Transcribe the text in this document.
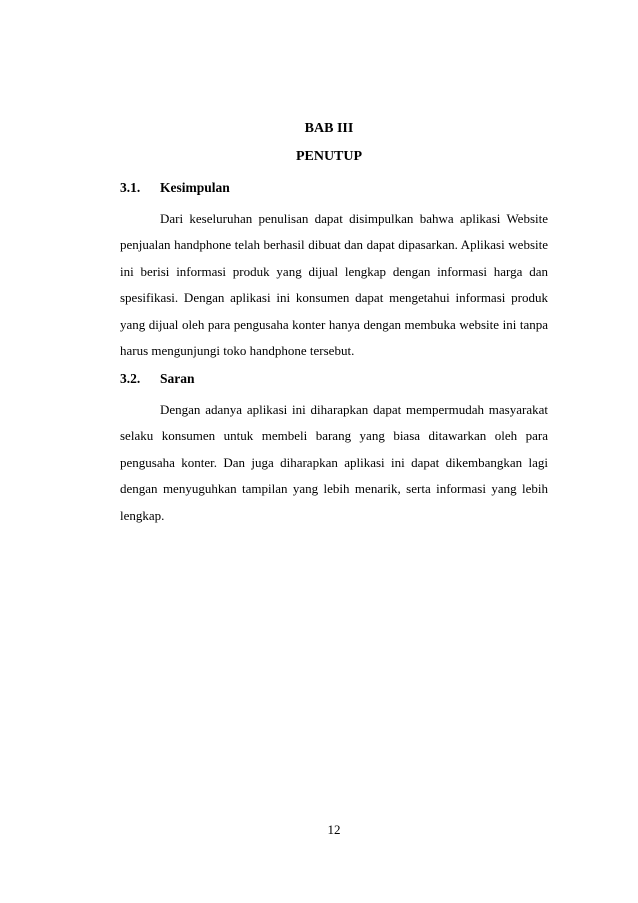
BAB III
PENUTUP
3.1. Kesimpulan
Dari keseluruhan penulisan dapat disimpulkan bahwa aplikasi Website penjualan handphone telah berhasil dibuat dan dapat dipasarkan. Aplikasi website ini berisi informasi produk yang dijual lengkap dengan informasi harga dan spesifikasi. Dengan aplikasi ini konsumen dapat mengetahui informasi produk yang dijual oleh para pengusaha konter hanya dengan membuka website ini tanpa harus mengunjungi toko handphone tersebut.
3.2. Saran
Dengan adanya aplikasi ini diharapkan dapat mempermudah masyarakat selaku konsumen untuk membeli barang yang biasa ditawarkan oleh para pengusaha konter. Dan juga diharapkan aplikasi ini dapat dikembangkan lagi dengan menyuguhkan tampilan yang lebih menarik, serta informasi yang lebih lengkap.
12
